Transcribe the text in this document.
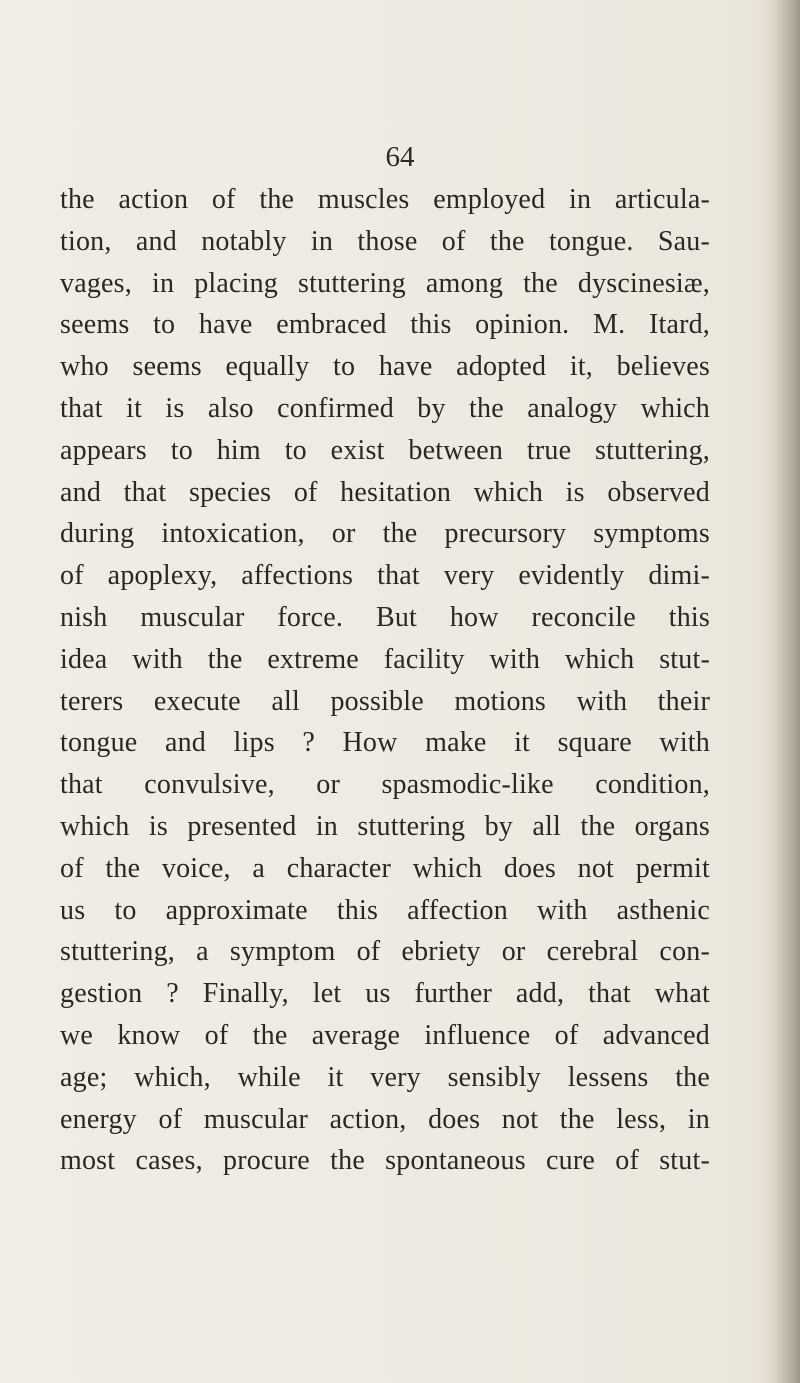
64
the action of the muscles employed in articula-
tion, and notably in those of the tongue. Sau-
vages, in placing stuttering among the dyscinesiæ,
seems to have embraced this opinion. M. Itard,
who seems equally to have adopted it, believes
that it is also confirmed by the analogy which
appears to him to exist between true stuttering,
and that species of hesitation which is observed
during intoxication, or the precursory symptoms
of apoplexy, affections that very evidently dimi-
nish muscular force. But how reconcile this
idea with the extreme facility with which stut-
terers execute all possible motions with their
tongue and lips ? How make it square with
that convulsive, or spasmodic-like condition,
which is presented in stuttering by all the organs
of the voice, a character which does not permit
us to approximate this affection with asthenic
stuttering, a symptom of ebriety or cerebral con-
gestion ? Finally, let us further add, that what
we know of the average influence of advanced
age; which, while it very sensibly lessens the
energy of muscular action, does not the less, in
most cases, procure the spontaneous cure of stut-
